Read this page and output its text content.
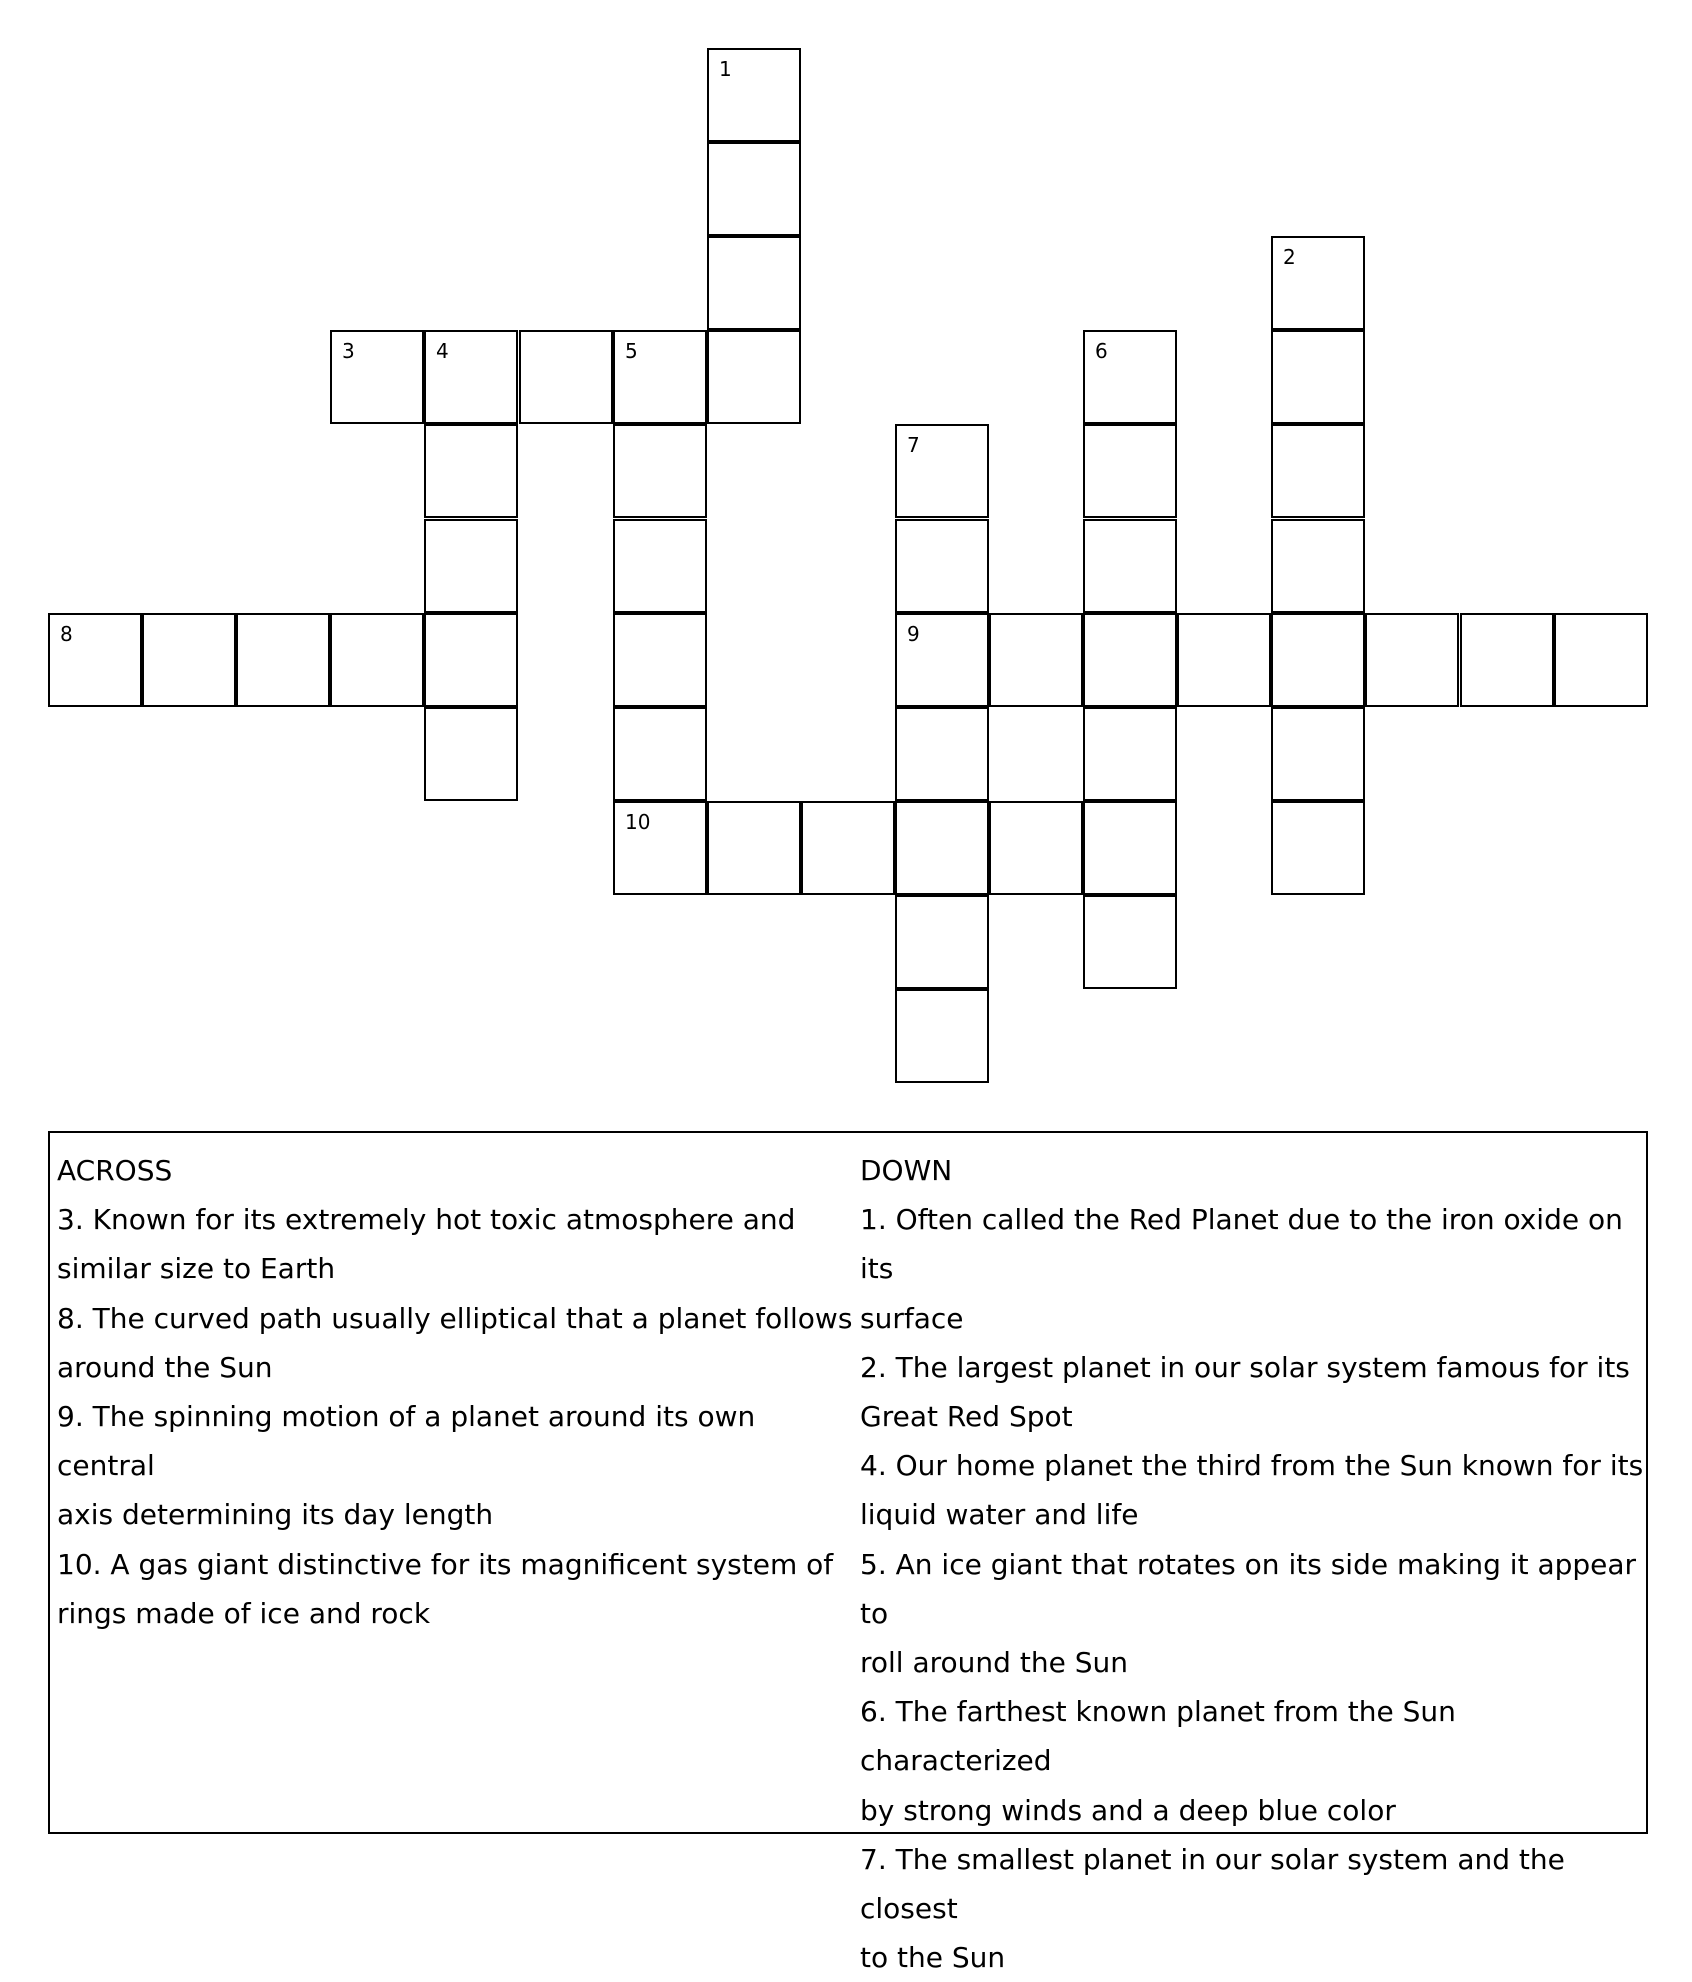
1
2
3	4	5
10
6
7
9
8
ACROSS
3. Known for its extremely hot toxic atmosphere and
similar size to Earth
8. The curved path usually elliptical that a planet follows
around the Sun
9. The spinning motion of a planet around its own central
axis determining its day length
10. A gas giant distinctive for its magnificent system of
rings made of ice and rock
DOWN
1. Often called the Red Planet due to the iron oxide on its
surface
2. The largest planet in our solar system famous for its
Great Red Spot
4. Our home planet the third from the Sun known for its
liquid water and life
5. An ice giant that rotates on its side making it appear to
roll around the Sun
6. The farthest known planet from the Sun characterized
by strong winds and a deep blue color
7. The smallest planet in our solar system and the closest
to the Sun
